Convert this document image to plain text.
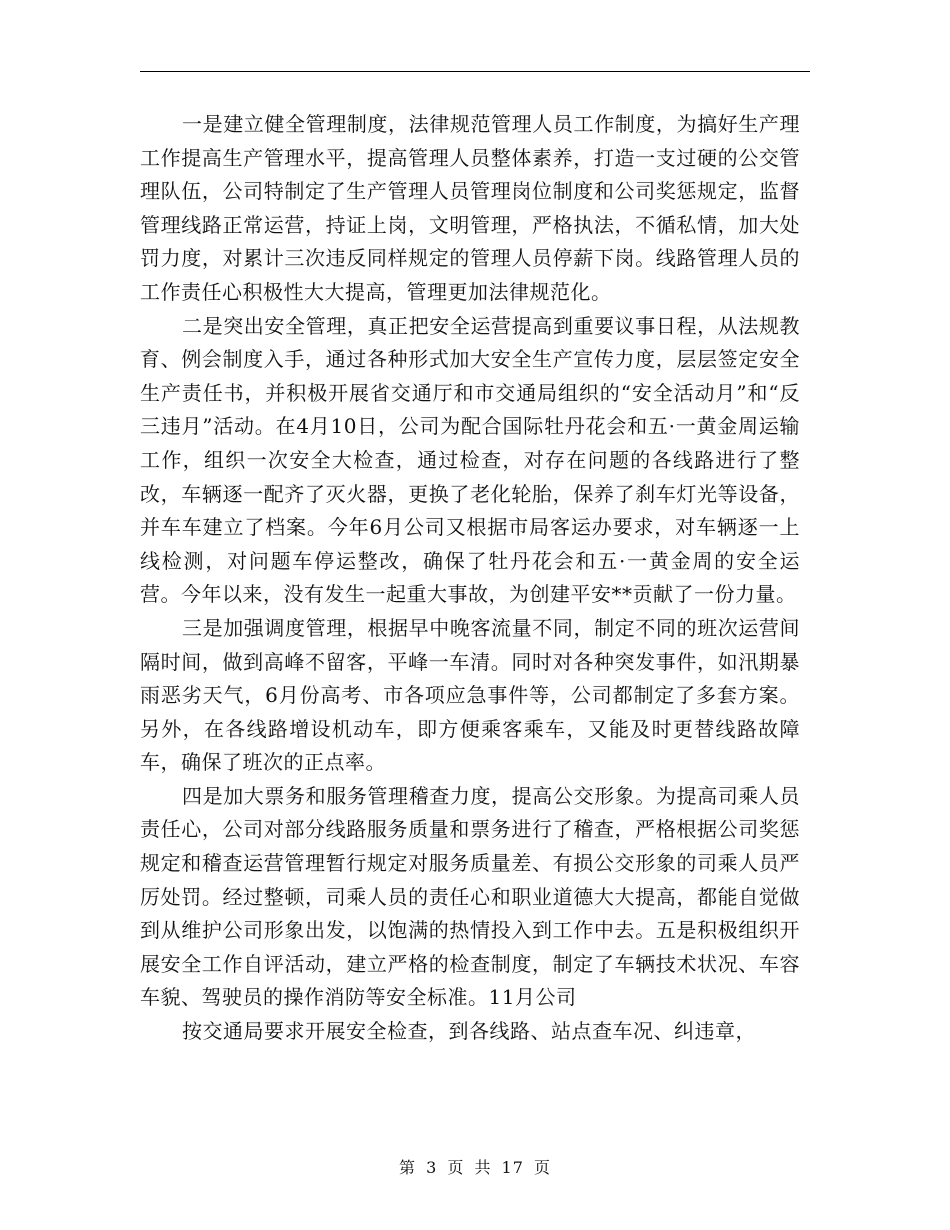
一是建立健全管理制度，法律规范管理人员工作制度，为搞好生产理工作提高生产管理水平，提高管理人员整体素养，打造一支过硬的公交管理队伍，公司特制定了生产管理人员管理岗位制度和公司奖惩规定，监督管理线路正常运营，持证上岗，文明管理，严格执法，不循私情，加大处罚力度，对累计三次违反同样规定的管理人员停薪下岗。线路管理人员的工作责任心积极性大大提高，管理更加法律规范化。

二是突出安全管理，真正把安全运营提高到重要议事日程，从法规教育、例会制度入手，通过各种形式加大安全生产宣传力度，层层签定安全生产责任书，并积极开展省交通厅和市交通局组织的“安全活动月”和“反三违月”活动。在4月10日，公司为配合国际牡丹花会和五·一黄金周运输工作，组织一次安全大检查，通过检查，对存在问题的各线路进行了整改，车辆逐一配齐了灭火器，更换了老化轮胎，保养了刹车灯光等设备，并车车建立了档案。今年6月公司又根据市局客运办要求，对车辆逐一上线检测，对问题车停运整改，确保了牡丹花会和五·一黄金周的安全运营。今年以来，没有发生一起重大事故，为创建平安**贡献了一份力量。

三是加强调度管理，根据早中晚客流量不同，制定不同的班次运营间隔时间，做到高峰不留客，平峰一车清。同时对各种突发事件，如汛期暴雨恶劣天气，6月份高考、市各项应急事件等，公司都制定了多套方案。另外，在各线路增设机动车，即方便乘客乘车，又能及时更替线路故障车，确保了班次的正点率。

四是加大票务和服务管理稽查力度，提高公交形象。为提高司乘人员责任心，公司对部分线路服务质量和票务进行了稽查，严格根据公司奖惩规定和稽查运营管理暂行规定对服务质量差、有损公交形象的司乘人员严厉处罚。经过整顿，司乘人员的责任心和职业道德大大提高，都能自觉做到从维护公司形象出发，以饱满的热情投入到工作中去。五是积极组织开展安全工作自评活动，建立严格的检查制度，制定了车辆技术状况、车容车貌、驾驶员的操作消防等安全标准。11月公司

按交通局要求开展安全检查，到各线路、站点查车况、纠违章，

第 3 页 共 17 页
